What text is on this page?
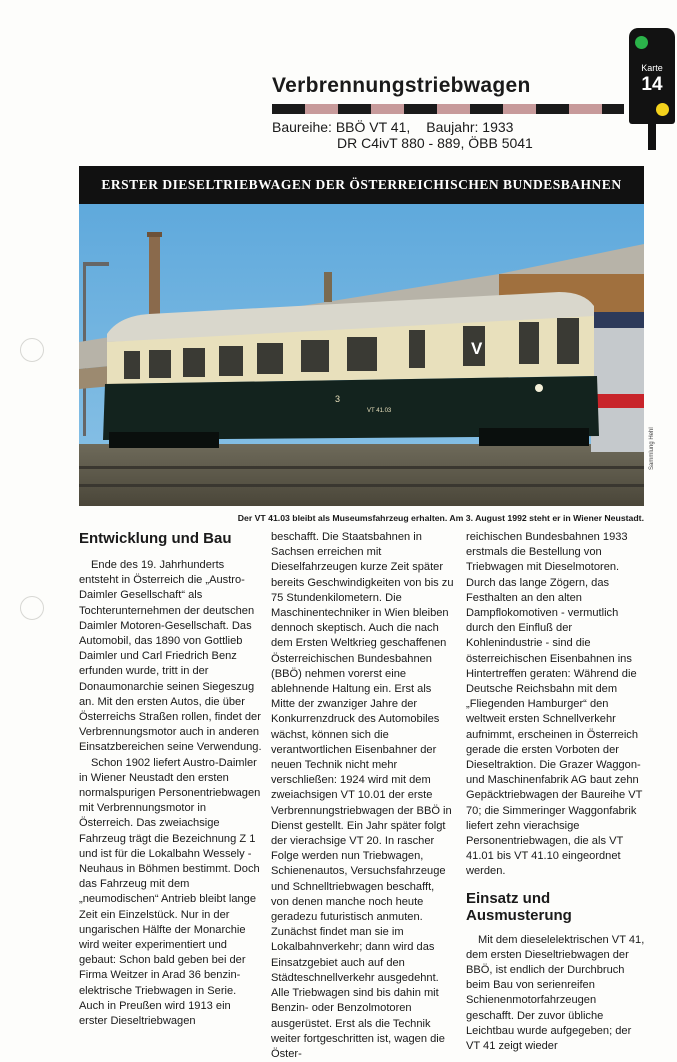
Karte
14
Verbrennungstriebwagen
Baureihe: BBÖ VT 41, Baujahr: 1933
DR C4ivT 880 - 889, ÖBB 5041
ERSTER DIESELTRIEBWAGEN DER ÖSTERREICHISCHEN BUNDESBAHNEN
V
3
VT 41.03
Sammlung Hehl
Der VT 41.03 bleibt als Museumsfahrzeug erhalten. Am 3. August 1992 steht er in Wiener Neustadt.
Entwicklung und Bau

Ende des 19. Jahrhunderts entsteht in Österreich die „Austro-Daimler Gesellschaft“ als Tochterunternehmen der deutschen Daimler Motoren-Gesellschaft. Das Automobil, das 1890 von Gottlieb Daimler und Carl Friedrich Benz erfunden wurde, tritt in der Donaumonarchie seinen Siegeszug an. Mit den ersten Autos, die über Österreichs Straßen rollen, findet der Verbrennungsmotor auch in anderen Einsatzbereichen seine Verwendung.

Schon 1902 liefert Austro-Daimler in Wiener Neustadt den ersten normalspurigen Personentriebwagen mit Verbrennungsmotor in Österreich. Das zweiachsige Fahrzeug trägt die Bezeichnung Z 1 und ist für die Lokalbahn Wessely - Neuhaus in Böhmen bestimmt. Doch das Fahrzeug mit dem „neumodischen“ Antrieb bleibt lange Zeit ein Einzelstück. Nur in der ungarischen Hälfte der Monarchie wird weiter experimentiert und gebaut: Schon bald geben bei der Firma Weitzer in Arad 36 benzin-elektrische Triebwagen in Serie. Auch in Preußen wird 1913 ein erster Dieseltriebwagen

beschafft. Die Staatsbahnen in Sachsen erreichen mit Dieselfahrzeugen kurze Zeit später bereits Geschwindigkeiten von bis zu 75 Stundenkilometern. Die Maschinentechniker in Wien bleiben dennoch skeptisch. Auch die nach dem Ersten Weltkrieg geschaffenen Österreichischen Bundesbahnen (BBÖ) nehmen vorerst eine ablehnende Haltung ein. Erst als Mitte der zwanziger Jahre der Konkurrenzdruck des Automobiles wächst, können sich die verantwortlichen Eisenbahner der neuen Technik nicht mehr verschließen: 1924 wird mit dem zweiachsigen VT 10.01 der erste Verbrennungstriebwagen der BBÖ in Dienst gestellt. Ein Jahr später folgt der vierachsige VT 20. In rascher Folge werden nun Triebwagen, Schienenautos, Versuchsfahrzeuge und Schnelltriebwagen beschafft, von denen manche noch heute geradezu futuristisch anmuten. Zunächst findet man sie im Lokalbahnverkehr; dann wird das Einsatzgebiet auch auf den Städteschnellverkehr ausgedehnt. Alle Triebwagen sind bis dahin mit Benzin- oder Benzolmotoren ausgerüstet. Erst als die Technik weiter fortgeschritten ist, wagen die Öster-

reichischen Bundesbahnen 1933 erstmals die Bestellung von Triebwagen mit Dieselmotoren. Durch das lange Zögern, das Festhalten an den alten Dampflokomotiven - vermutlich durch den Einfluß der Kohlenindustrie - sind die österreichischen Eisenbahnen ins Hintertreffen geraten: Während die Deutsche Reichsbahn mit dem „Fliegenden Hamburger“ den weltweit ersten Schnellverkehr aufnimmt, erscheinen in Österreich gerade die ersten Vorboten der Dieseltraktion. Die Grazer Waggon- und Maschinenfabrik AG baut zehn Gepäcktriebwagen der Baureihe VT 70; die Simmeringer Waggonfabrik liefert zehn vierachsige Personentriebwagen, die als VT 41.01 bis VT 41.10 eingeordnet werden.

Einsatz und Ausmusterung

Mit dem dieselelektrischen VT 41, dem ersten Dieseltriebwagen der BBÖ, ist endlich der Durchbruch beim Bau von serienreifen Schienenmotorfahrzeugen geschafft. Der zuvor übliche Leichtbau wurde aufgegeben; der VT 41 zeigt wieder
